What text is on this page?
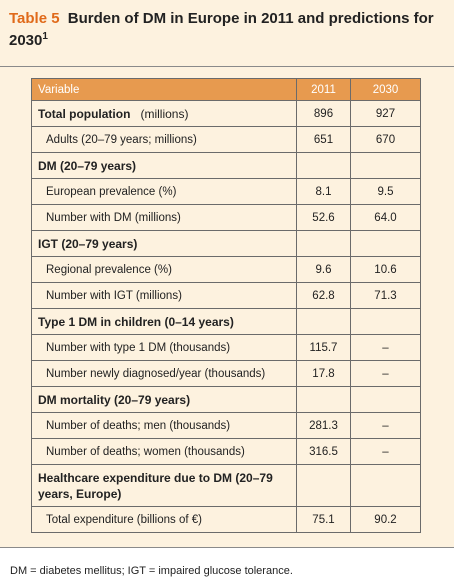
Table 5 Burden of DM in Europe in 2011 and predictions for 2030$^1$
Variable	2011	2030
Total population (millions)	896	927
Adults (20–79 years; millions)	651	670
DM (20–79 years)		
European prevalence (%)	8.1	9.5
Number with DM (millions)	52.6	64.0
IGT (20–79 years)		
Regional prevalence (%)	9.6	10.6
Number with IGT (millions)	62.8	71.3
Type 1 DM in children (0–14 years)		
Number with type 1 DM (thousands)	115.7	–
Number newly diagnosed/year (thousands)	17.8	–
DM mortality (20–79 years)		
Number of deaths; men (thousands)	281.3	–
Number of deaths; women (thousands)	316.5	–
Healthcare expenditure due to DM (20–79 years, Europe)		
Total expenditure (billions of €)	75.1	90.2
DM = diabetes mellitus; IGT = impaired glucose tolerance.
